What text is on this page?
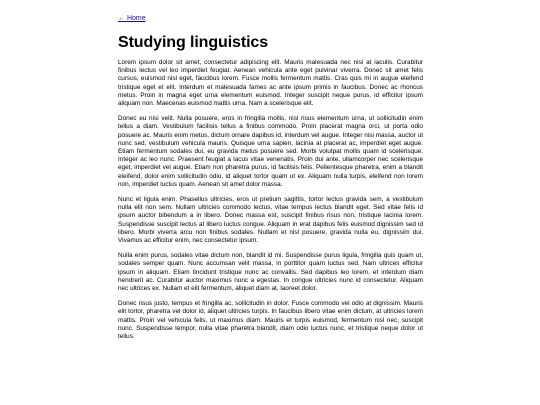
← Home
Studying linguistics

Lorem ipsum dolor sit amet, consectetur adipiscing elit. Mauris malesuada nec nisi at iaculis. Curabitur finibus lectus vel leo imperdiet feugiat. Aenean vehicula ante eget pulvinar viverra. Donec sit amet felis cursus, euismod nisl eget, faucibus lorem. Fusce mollis fermentum mattis. Cras quis mi in augue eleifend tristique eget et elit. Interdum et malesuada fames ac ante ipsum primis in faucibus. Donec ac rhoncus metus. Proin in magna eget urna elementum euismod. Integer suscipit neque purus, id efficitur ipsum aliquam non. Maecenas euismod mattis urna. Nam a scelerisque elit.

Donec eu nisi velit. Nulla posuere, eros in fringilla mollis, nisl risus elementum urna, ut sollicitudin enim tellus a diam. Vestibulum facilisis tellus a finibus commodo. Proin placerat magna orci, ut porta odio posuere ac. Mauris enim metus, dictum ornare dapibus id, interdum vel augue. Integer nisi massa, auctor ut nunc sed, vestibulum vehicula mauris. Quisque urna sapien, lacinia at placerat ac, imperdiet eget augue. Etiam fermentum sodales dui, eu gravida metus posuere sed. Morbi volutpat mollis quam id scelerisque. Integer ac leo nunc. Praesent feugiat a lacus vitae venenatis. Proin dui ante, ullamcorper nec scelerisque eget, imperdiet vel augue. Etiam non pharetra purus, id facilisis felis. Pellentesque pharetra, enim a blandit eleifend, dolor enim sollicitudin odio, id aliquet tortor quam ut ex. Aliquam nulla turpis, eleifend non lorem non, imperdiet luctus quam. Aenean sit amet dolor massa.

Nunc et ligula enim. Phasellus ultricies, eros ut pretium sagittis, tortor lectus gravida sem, a vestibulum nulla elit non sem. Nullam ultricies commodo lectus, vitae tempus lectus blandit eget. Sed vitae felis id ipsum auctor bibendum a in libero. Donec massa est, suscipit finibus risus non, tristique lacinia lorem. Suspendisse suscipit lectus at libero luctus congue. Aliquam in erat dapibus felis euismod dignissim sed id libero. Morbi viverra arcu non finibus sodales. Nullam et nisl posuere, gravida nulla eu, dignissim dui. Vivamus ac efficitur enim, nec consectetur ipsum.

Nulla enim purus, sodales vitae dictum non, blandit id mi. Suspendisse purus ligula, fringilla quis quam ut, sodales semper quam. Nunc accumsan velit massa, in porttitor quam luctus sed. Nam ultrices efficitur ipsum in aliquam. Etiam tincidunt tristique nunc ac convallis. Sed dapibus leo lorem, et interdum diam hendrerit ac. Curabitur auctor maximus nunc a egestas. In congue ultricies nunc id consectetur. Aliquam nec ultrices ex. Nullam et elit fermentum, aliquet diam at, laoreet dolor.

Donec risus justo, tempus et fringilla ac, sollicitudin in dolor. Fusce commodo vel odio at dignissim. Mauris elit tortor, pharetra vel dolor id, aliquet ultricies turpis. In faucibus libero vitae enim dictum, at ultricies lorem mattis. Proin vel vehicula felis, ut maximus diam. Mauris et turpis euismod, fermentum nisl nec, suscipit nunc. Suspendisse tempor, nulla vitae pharetra blandit, diam odio luctus nunc, et tristique neque dolor ut tellus.
